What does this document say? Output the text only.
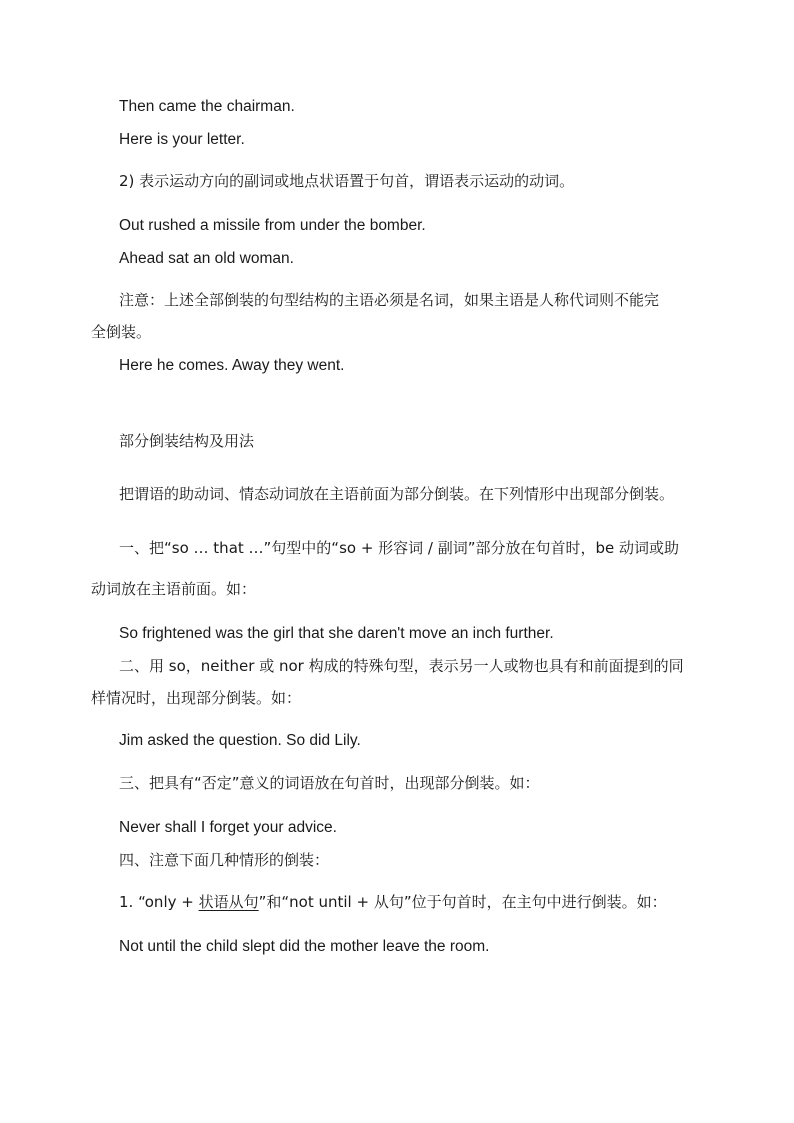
Then came the chairman.
Here is your letter.
2) 表示运动方向的副词或地点状语置于句首，谓语表示运动的动词。
Out rushed a missile from under the bomber.
Ahead sat an old woman.
注意：上述全部倒装的句型结构的主语必须是名词，如果主语是人称代词则不能完
全倒装。
Here he comes. Away they went.
部分倒装结构及用法
把谓语的助动词、情态动词放在主语前面为部分倒装。在下列情形中出现部分倒装。
一、把“so … that …”句型中的“so + 形容词 / 副词”部分放在句首时，be 动词或助
动词放在主语前面。如：
So frightened was the girl that she daren't move an inch further.
二、用 so，neither 或 nor 构成的特殊句型，表示另一人或物也具有和前面提到的同
样情况时，出现部分倒装。如：
Jim asked the question. So did Lily.
三、把具有“否定”意义的词语放在句首时，出现部分倒装。如：
Never shall I forget your advice.
四、注意下面几种情形的倒装：
1. “only + 状语从句”和“not until + 从句”位于句首时，在主句中进行倒装。如：
Not until the child slept did the mother leave the room.
